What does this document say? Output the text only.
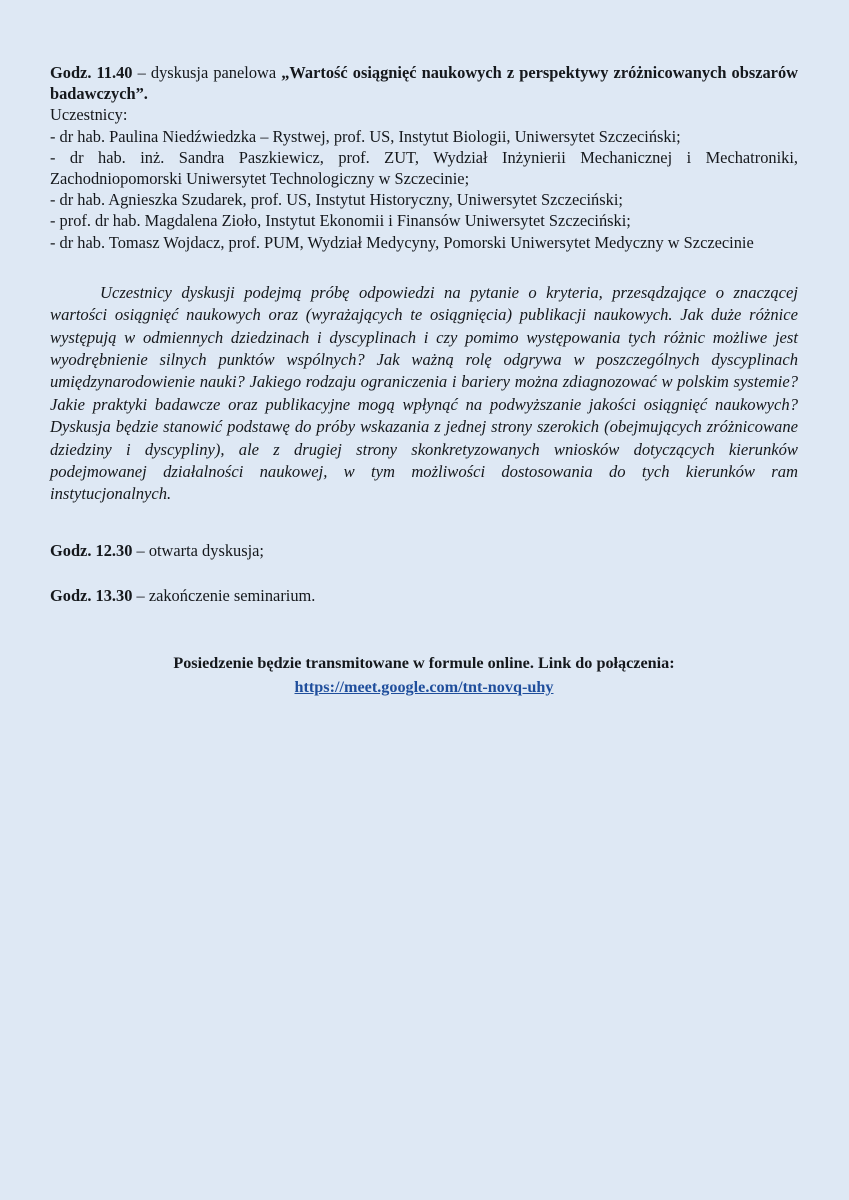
Godz. 11.40 – dyskusja panelowa „Wartość osiągnięć naukowych z perspektywy zróżnicowanych obszarów badawczych”.

Uczestnicy:

- dr hab. Paulina Niedźwiedzka – Rystwej, prof. US, Instytut Biologii, Uniwersytet Szczeciński;

- dr hab. inż. Sandra Paszkiewicz, prof. ZUT, Wydział Inżynierii Mechanicznej i Mechatroniki, Zachodniopomorski Uniwersytet Technologiczny w Szczecinie;

- dr hab. Agnieszka Szudarek, prof. US, Instytut Historyczny, Uniwersytet Szczeciński;

- prof. dr hab. Magdalena Zioło, Instytut Ekonomii i Finansów Uniwersytet Szczeciński;

- dr hab. Tomasz Wojdacz, prof. PUM, Wydział Medycyny, Pomorski Uniwersytet Medyczny w Szczecinie

Uczestnicy dyskusji podejmą próbę odpowiedzi na pytanie o kryteria, przesądzające o znaczącej wartości osiągnięć naukowych oraz (wyrażających te osiągnięcia) publikacji naukowych. Jak duże różnice występują w odmiennych dziedzinach i dyscyplinach i czy pomimo występowania tych różnic możliwe jest wyodrębnienie silnych punktów wspólnych? Jak ważną rolę odgrywa w poszczególnych dyscyplinach umiędzynarodowienie nauki? Jakiego rodzaju ograniczenia i bariery można zdiagnozować w polskim systemie? Jakie praktyki badawcze oraz publikacyjne mogą wpłynąć na podwyższanie jakości osiągnięć naukowych? Dyskusja będzie stanowić podstawę do próby wskazania z jednej strony szerokich (obejmujących zróżnicowane dziedziny i dyscypliny), ale z drugiej strony skonkretyzowanych wniosków dotyczących kierunków podejmowanej działalności naukowej, w tym możliwości dostosowania do tych kierunków ram instytucjonalnych.

Godz. 12.30 – otwarta dyskusja;

Godz. 13.30 – zakończenie seminarium.

Posiedzenie będzie transmitowane w formule online. Link do połączenia:

https://meet.google.com/tnt-novq-uhy
